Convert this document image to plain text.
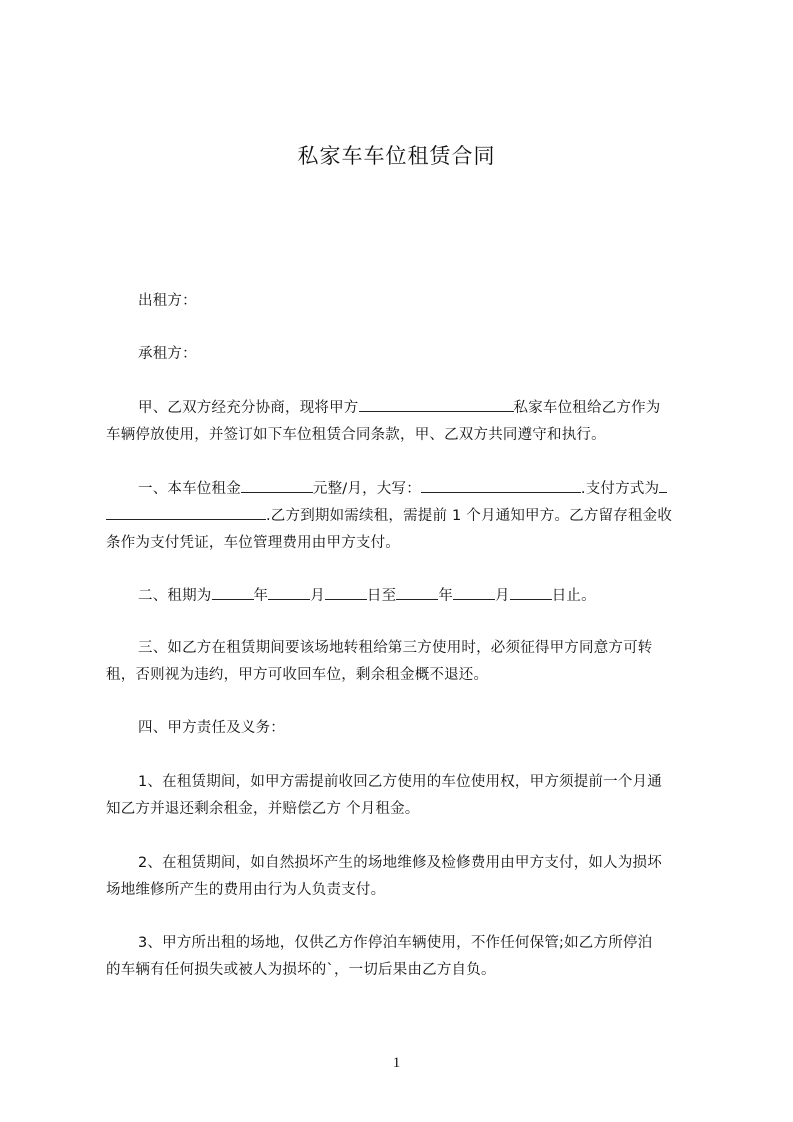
私家车车位租赁合同
出租方：
承租方：
甲、乙双方经充分协商，现将甲方	私家车位租给乙方作为
车辆停放使用，并签订如下车位租赁合同条款，甲、乙双方共同遵守和执行。
一、本车位租金	元整/月，大写：	.支付方式为
.乙方到期如需续租，需提前 1 个月通知甲方。乙方留存租金收
条作为支付凭证，车位管理费用由甲方支付。
二、租期为	年	月	日至	年	月	日止。
三、如乙方在租赁期间要该场地转租给第三方使用时，必须征得甲方同意方可转
租，否则视为违约，甲方可收回车位，剩余租金概不退还。
四、甲方责任及义务：
1、在租赁期间，如甲方需提前收回乙方使用的车位使用权，甲方须提前一个月通
知乙方并退还剩余租金，并赔偿乙方 个月租金。
2、在租赁期间，如自然损坏产生的场地维修及检修费用由甲方支付，如人为损坏
场地维修所产生的费用由行为人负责支付。
3、甲方所出租的场地，仅供乙方作停泊车辆使用，不作任何保管;如乙方所停泊
的车辆有任何损失或被人为损坏的`，一切后果由乙方自负。
1
